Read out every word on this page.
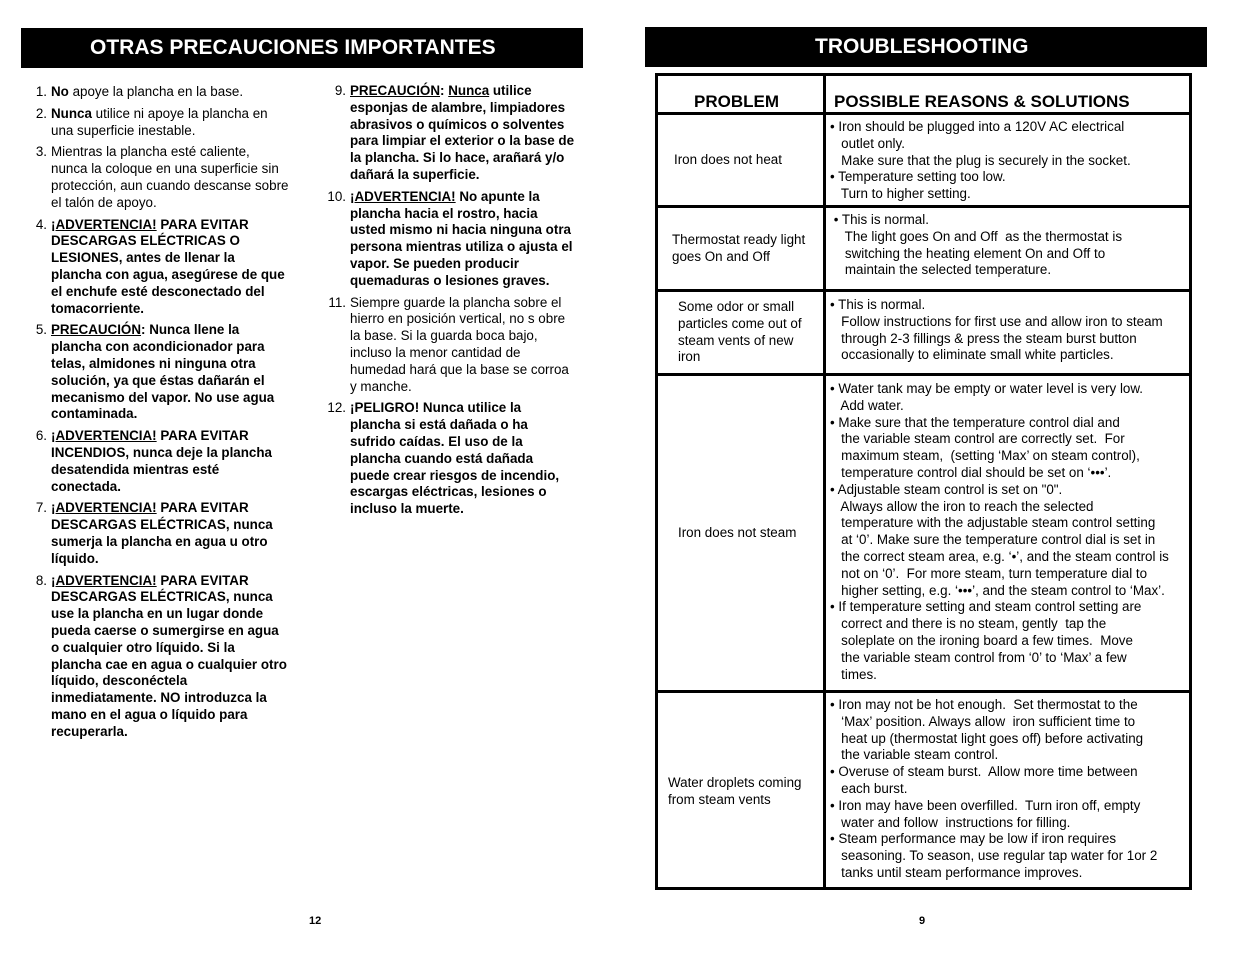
OTRAS PRECAUCIONES IMPORTANTES
1. No apoye la plancha en la base.
2. Nunca utilice ni apoye la plancha en una superficie inestable.
3. Mientras la plancha esté caliente, nunca la coloque en una superficie sin protección, aun cuando descanse sobre el talón de apoyo.
4. ¡ADVERTENCIA! PARA EVITAR DESCARGAS ELÉCTRICAS O LESIONES, antes de llenar la plancha con agua, asegúrese de que el enchufe esté desconectado del tomacorriente.
5. PRECAUCIÓN: Nunca llene la plancha con acondicionador para telas, almidones ni ninguna otra solución, ya que éstas dañarán el mecanismo del vapor. No use agua contaminada.
6. ¡ADVERTENCIA! PARA EVITAR INCENDIOS, nunca deje la plancha desatendida mientras esté conectada.
7. ¡ADVERTENCIA! PARA EVITAR DESCARGAS ELÉCTRICAS, nunca sumerja la plancha en agua u otro líquido.
8. ¡ADVERTENCIA! PARA EVITAR DESCARGAS ELÉCTRICAS, nunca use la plancha en un lugar donde pueda caerse o sumergirse en agua o cualquier otro líquido. Si la plancha cae en agua o cualquier otro líquido, desconéctela inmediatamente. NO introduzca la mano en el agua o líquido para recuperarla.
9. PRECAUCIÓN: Nunca utilice esponjas de alambre, limpiadores abrasivos o químicos o solventes para limpiar el exterior o la base de la plancha. Si lo hace, arañará y/o dañará la superficie.
10. ¡ADVERTENCIA! No apunte la plancha hacia el rostro, hacia usted mismo ni hacia ninguna otra persona mientras utiliza o ajusta el vapor. Se pueden producir quemaduras o lesiones graves.
11. Siempre guarde la plancha sobre el hierro en posición vertical, no s obre la base. Si la guarda boca bajo, incluso la menor cantidad de humedad hará que la base se corroa y manche.
12. ¡PELIGRO! Nunca utilice la plancha si está dañada o ha sufrido caídas. El uso de la plancha cuando está dañada puede crear riesgos de incendio, escargas eléctricas, lesiones o incluso la muerte.
12
TROUBLESHOOTING
PROBLEM	POSSIBLE REASONS & SOLUTIONS
Iron does not heat
• Iron should be plugged into a 120V AC electrical
outlet only.
Make sure that the plug is securely in the socket.
• Temperature setting too low.
Turn to higher setting.
Thermostat ready light goes On and Off
• This is normal.
The light goes On and Off  as the thermostat is
switching the heating element On and Off to
maintain the selected temperature.
Some odor or small particles come out of steam vents of new iron
• This is normal.
Follow instructions for first use and allow iron to steam
through 2-3 fillings & press the steam burst button
occasionally to eliminate small white particles.
Iron does not steam
• Water tank may be empty or water level is very low.
Add water.
• Make sure that the temperature control dial and
the variable steam control are correctly set.  For
maximum steam,  (setting ‘Max’ on steam control),
temperature control dial should be set on ‘•••’.
• Adjustable steam control is set on "0".
Always allow the iron to reach the selected
temperature with the adjustable steam control setting
at ‘0’. Make sure the temperature control dial is set in
the correct steam area, e.g. ‘•’, and the steam control is
not on ‘0’.  For more steam, turn temperature dial to
higher setting, e.g. ‘•••’, and the steam control to ‘Max’.
• If temperature setting and steam control setting are
correct and there is no steam, gently  tap the
soleplate on the ironing board a few times.  Move
the variable steam control from ‘0’ to ‘Max’ a few
times.
Water droplets coming from steam vents
• Iron may not be hot enough.  Set thermostat to the
‘Max’ position. Always allow  iron sufficient time to
heat up (thermostat light goes off) before activating
the variable steam control.
• Overuse of steam burst.  Allow more time between
each burst.
• Iron may have been overfilled.  Turn iron off, empty
water and follow  instructions for filling.
• Steam performance may be low if iron requires
seasoning. To season, use regular tap water for 1or 2
tanks until steam performance improves.
9
